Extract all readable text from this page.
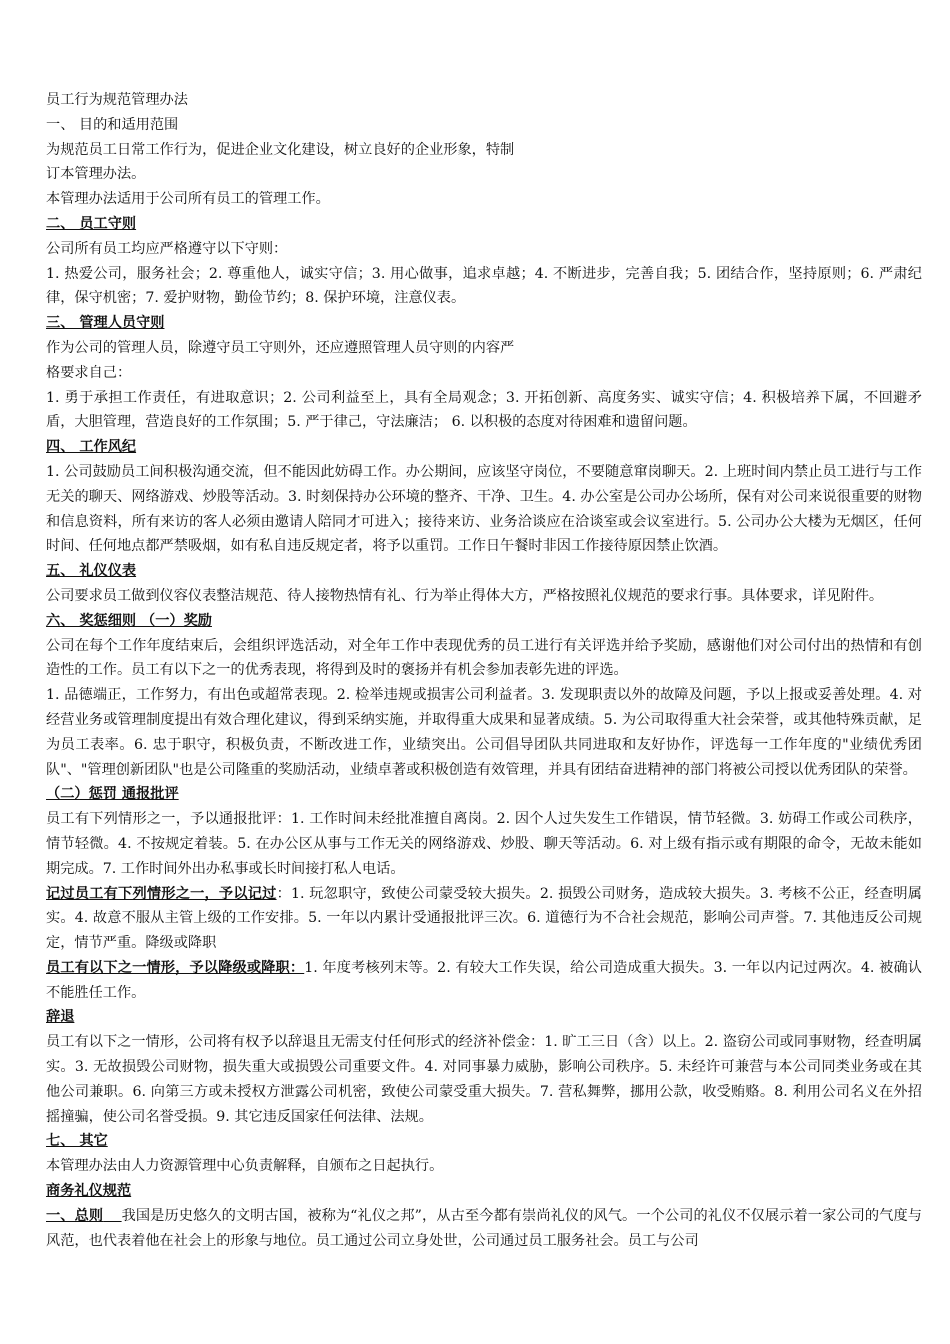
员工行为规范管理办法

一、 目的和适用范围

为规范员工日常工作行为，促进企业文化建设，树立良好的企业形象，特制

订本管理办法。

本管理办法适用于公司所有员工的管理工作。

二、 员工守则

公司所有员工均应严格遵守以下守则：

1. 热爱公司，服务社会；2. 尊重他人，诚实守信；3. 用心做事，追求卓越；4. 不断进步，完善自我；5. 团结合作，坚持原则；6. 严肃纪律，保守机密；7. 爱护财物，勤俭节约；8. 保护环境，注意仪表。

三、 管理人员守则

作为公司的管理人员，除遵守员工守则外，还应遵照管理人员守则的内容严

格要求自己：

1. 勇于承担工作责任，有进取意识；2. 公司利益至上，具有全局观念；3. 开拓创新、高度务实、诚实守信；4. 积极培养下属，不回避矛盾，大胆管理，营造良好的工作氛围；5. 严于律己，守法廉洁； 6. 以积极的态度对待困难和遗留问题。

四、 工作风纪

1. 公司鼓励员工间积极沟通交流，但不能因此妨碍工作。办公期间，应该坚守岗位，不要随意窜岗聊天。2. 上班时间内禁止员工进行与工作无关的聊天、网络游戏、炒股等活动。3. 时刻保持办公环境的整齐、干净、卫生。4. 办公室是公司办公场所，保有对公司来说很重要的财物和信息资料，所有来访的客人必须由邀请人陪同才可进入；接待来访、业务洽谈应在洽谈室或会议室进行。5. 公司办公大楼为无烟区，任何时间、任何地点都严禁吸烟，如有私自违反规定者，将予以重罚。工作日午餐时非因工作接待原因禁止饮酒。

五、 礼仪仪表

公司要求员工做到仪容仪表整洁规范、待人接物热情有礼、行为举止得体大方，严格按照礼仪规范的要求行事。具体要求，详见附件。

六、 奖惩细则 （一）奖励

公司在每个工作年度结束后，会组织评选活动，对全年工作中表现优秀的员工进行有关评选并给予奖励，感谢他们对公司付出的热情和有创造性的工作。员工有以下之一的优秀表现，将得到及时的褒扬并有机会参加表彰先进的评选。

1. 品德端正，工作努力，有出色或超常表现。2. 检举违规或损害公司利益者。3. 发现职责以外的故障及问题，予以上报或妥善处理。4. 对经营业务或管理制度提出有效合理化建议，得到采纳实施，并取得重大成果和显著成绩。5. 为公司取得重大社会荣誉，或其他特殊贡献，足为员工表率。6. 忠于职守，积极负责，不断改进工作，业绩突出。公司倡导团队共同进取和友好协作，评选每一工作年度的"业绩优秀团队"、"管理创新团队"也是公司隆重的奖励活动，业绩卓著或积极创造有效管理，并具有团结奋进精神的部门将被公司授以优秀团队的荣誉。

（二）惩罚 通报批评

员工有下列情形之一，予以通报批评：1. 工作时间未经批准擅自离岗。2. 因个人过失发生工作错误，情节轻微。3. 妨碍工作或公司秩序，情节轻微。4. 不按规定着装。5. 在办公区从事与工作无关的网络游戏、炒股、聊天等活动。6. 对上级有指示或有期限的命令，无故未能如期完成。7. 工作时间外出办私事或长时间接打私人电话。

记过员工有下列情形之一，予以记过：1. 玩忽职守，致使公司蒙受较大损失。2. 损毁公司财务，造成较大损失。3. 考核不公正，经查明属实。4. 故意不服从主管上级的工作安排。5. 一年以内累计受通报批评三次。6. 道德行为不合社会规范，影响公司声誉。7. 其他违反公司规定，情节严重。降级或降职

员工有以下之一情形，予以降级或降职：1. 年度考核列末等。2. 有较大工作失误，给公司造成重大损失。3. 一年以内记过两次。4. 被确认不能胜任工作。

辞退

员工有以下之一情形，公司将有权予以辞退且无需支付任何形式的经济补偿金：1. 旷工三日（含）以上。2. 盗窃公司或同事财物，经查明属实。3. 无故损毁公司财物，损失重大或损毁公司重要文件。4. 对同事暴力威胁，影响公司秩序。5. 未经许可兼营与本公司同类业务或在其他公司兼职。6. 向第三方或未授权方泄露公司机密，致使公司蒙受重大损失。7. 营私舞弊，挪用公款，收受贿赂。8. 利用公司名义在外招摇撞骗，使公司名誉受损。9. 其它违反国家任何法律、法规。

七、 其它

本管理办法由人力资源管理中心负责解释，自颁布之日起执行。

商务礼仪规范

一、总则 我国是历史悠久的文明古国，被称为“礼仪之邦”，从古至今都有崇尚礼仪的风气。一个公司的礼仪不仅展示着一家公司的气度与风范，也代表着他在社会上的形象与地位。员工通过公司立身处世，公司通过员工服务社会。员工与公司
